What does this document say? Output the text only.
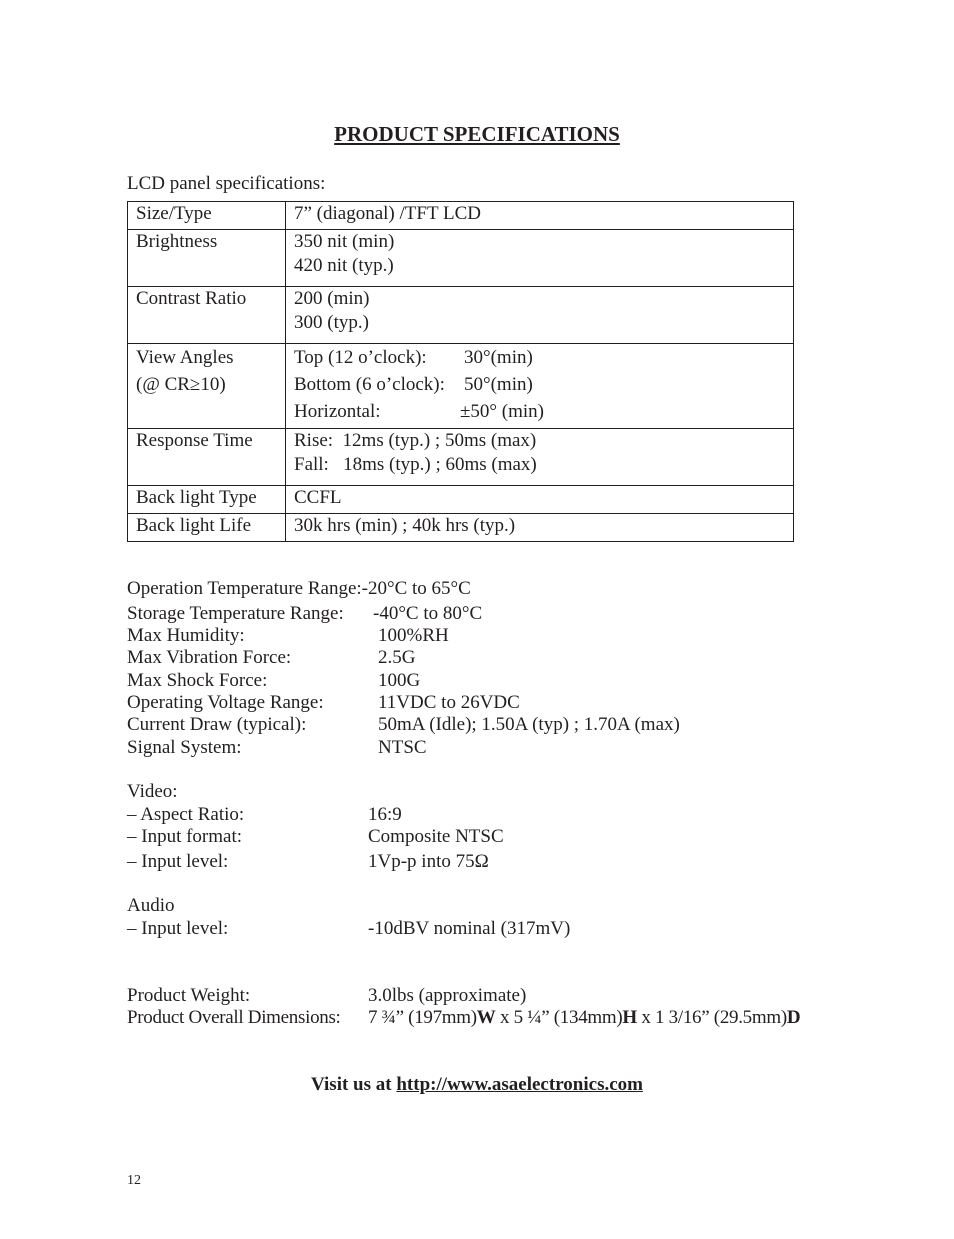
PRODUCT SPECIFICATIONS
LCD panel specifications:
Size/Type	7” (diagonal) /TFT LCD
Brightness	350 nit (min)
420 nit (typ.)

Contrast Ratio	200 (min)
300 (typ.)

View Angles
(@ CR≥10)	Top (12 o’clock): 30°(min)
Bottom (6 o’clock): 50°(min)
Horizontal: ±50° (min)

Response Time	Rise:  12ms (typ.) ; 50ms (max)
Fall:   18ms (typ.) ; 60ms (max)

Back light Type	CCFL
Back light Life	30k hrs (min) ; 40k hrs (typ.)
Operation Temperature Range:-20°C to 65°C
Storage Temperature Range: -40°C to 80°C
Max Humidity:	100%RH
Max Vibration Force:	2.5G
Max Shock Force:	100G
Operating Voltage Range:	11VDC to 26VDC
Current Draw (typical):	50mA (Idle); 1.50A (typ) ; 1.70A (max)
Signal System:	NTSC
Video:
– Aspect Ratio:	16:9
– Input format:	Composite NTSC
– Input level:	1Vp-p into 75Ω
Audio
– Input level:	-10dBV nominal (317mV)
Product Weight:	3.0lbs (approximate)
Product Overall Dimensions: 7 ¾” (197mm)W x 5 ¼” (134mm)H x 1 3/16” (29.5mm)D
Visit us at http://www.asaelectronics.com
12
